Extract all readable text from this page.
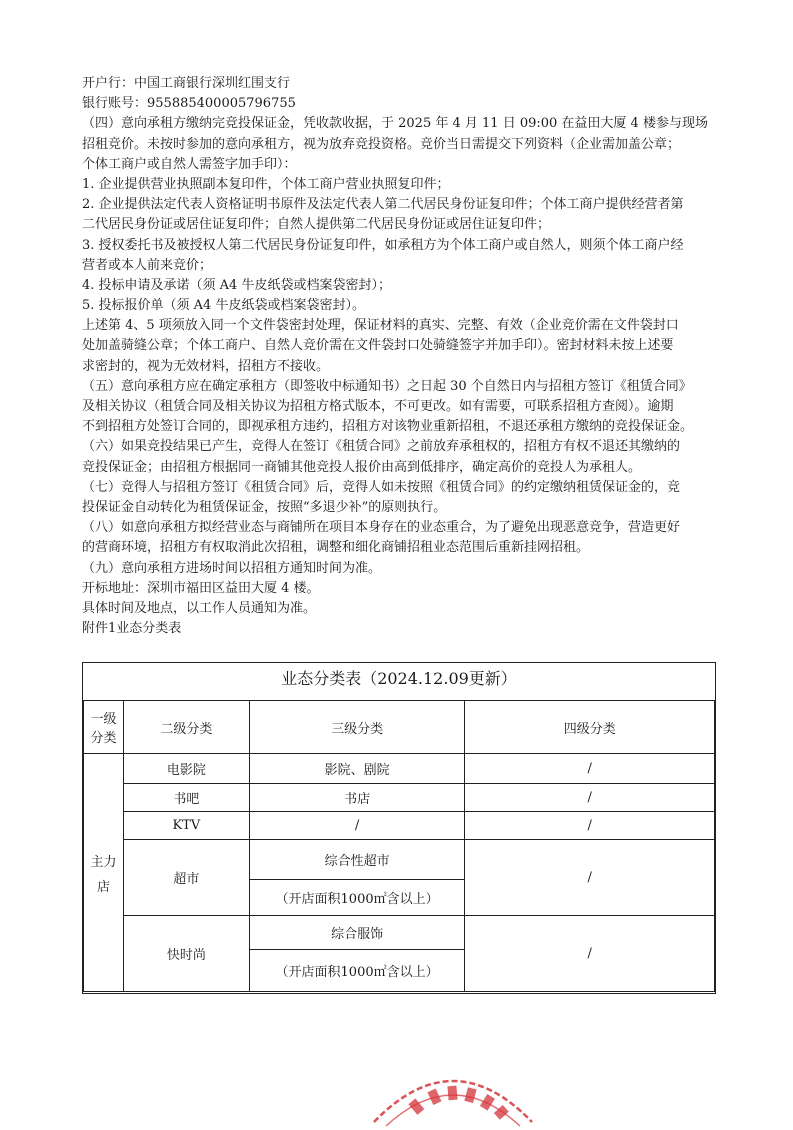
开户行：中国工商银行深圳红围支行
银行账号：955885400005796755
（四）意向承租方缴纳完竞投保证金，凭收款收据，于 2025 年 4 月 11 日 09:00 在益田大厦 4 楼参与现场
招租竞价。未按时参加的意向承租方，视为放弃竞投资格。竞价当日需提交下列资料（企业需加盖公章；
个体工商户或自然人需签字加手印）：
1. 企业提供营业执照副本复印件，个体工商户营业执照复印件；
2. 企业提供法定代表人资格证明书原件及法定代表人第二代居民身份证复印件；个体工商户提供经营者第
二代居民身份证或居住证复印件；自然人提供第二代居民身份证或居住证复印件；
3. 授权委托书及被授权人第二代居民身份证复印件，如承租方为个体工商户或自然人，则须个体工商户经
营者或本人前来竞价；
4. 投标申请及承诺（须 A4 牛皮纸袋或档案袋密封）；
5. 投标报价单（须 A4 牛皮纸袋或档案袋密封）。
上述第 4、5 项须放入同一个文件袋密封处理，保证材料的真实、完整、有效（企业竞价需在文件袋封口
处加盖骑缝公章；个体工商户、自然人竞价需在文件袋封口处骑缝签字并加手印）。密封材料未按上述要
求密封的，视为无效材料，招租方不接收。
（五）意向承租方应在确定承租方（即签收中标通知书）之日起 30 个自然日内与招租方签订《租赁合同》
及相关协议（租赁合同及相关协议为招租方格式版本，不可更改。如有需要，可联系招租方查阅）。逾期
不到招租方处签订合同的，即视承租方违约，招租方对该物业重新招租，不退还承租方缴纳的竞投保证金。
（六）如果竞投结果已产生，竞得人在签订《租赁合同》之前放弃承租权的，招租方有权不退还其缴纳的
竞投保证金；由招租方根据同一商铺其他竞投人报价由高到低排序，确定高价的竞投人为承租人。
（七）竞得人与招租方签订《租赁合同》后，竞得人如未按照《租赁合同》的约定缴纳租赁保证金的，竞
投保证金自动转化为租赁保证金，按照“多退少补”的原则执行。
（八）如意向承租方拟经营业态与商铺所在项目本身存在的业态重合，为了避免出现恶意竞争，营造更好
的营商环境，招租方有权取消此次招租，调整和细化商铺招租业态范围后重新挂网招租。
（九）意向承租方进场时间以招租方通知时间为准。
开标地址：深圳市福田区益田大厦 4 楼。
具体时间及地点，以工作人员通知为准。
附件1业态分类表
业态分类表（2024.12.09更新）
一级
分类	二级分类	三级分类	四级分类

主力
店	电影院	影院、剧院	/
	书吧	书店	/
	KTV	/	/
	超市	综合性超市	/
		（开店面积1000㎡含以上）	
	快时尚	综合服饰	/
		（开店面积1000㎡含以上）	
